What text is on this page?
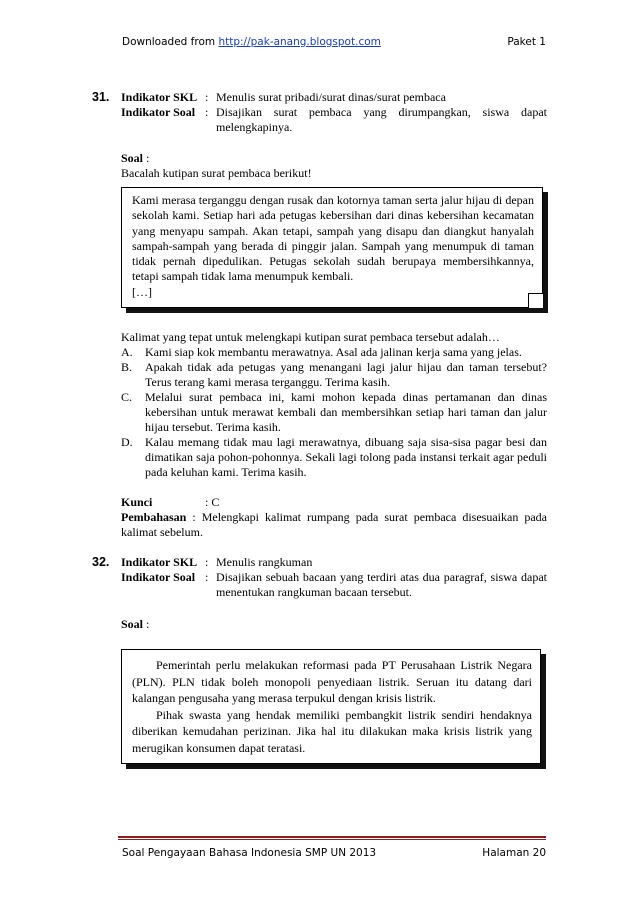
Downloaded from http://pak-anang.blogspot.com	Paket 1
31. Indikator SKL : Menulis surat pribadi/surat dinas/surat pembaca
Indikator Soal : Disajikan surat pembaca yang dirumpangkan, siswa dapat melengkapinya.
Soal :
Bacalah kutipan surat pembaca berikut!
Kami merasa terganggu dengan rusak dan kotornya taman serta jalur hijau di depan sekolah kami. Setiap hari ada petugas kebersihan dari dinas kebersihan kecamatan yang menyapu sampah. Akan tetapi, sampah yang disapu dan diangkut hanyalah sampah-sampah yang berada di pinggir jalan. Sampah yang menumpuk di taman tidak pernah dipedulikan. Petugas sekolah sudah berupaya membersihkannya, tetapi sampah tidak lama menumpuk kembali.
[…]
Kalimat yang tepat untuk melengkapi kutipan surat pembaca tersebut adalah…
A.	Kami siap kok membantu merawatnya. Asal ada jalinan kerja sama yang jelas.
B.	Apakah tidak ada petugas yang menangani lagi jalur hijau dan taman tersebut? Terus terang kami merasa terganggu. Terima kasih.
C.	Melalui surat pembaca ini, kami mohon kepada dinas pertamanan dan dinas kebersihan untuk merawat kembali dan membersihkan setiap hari taman dan jalur hijau tersebut. Terima kasih.
D.	Kalau memang tidak mau lagi merawatnya, dibuang saja sisa-sisa pagar besi dan dimatikan saja pohon-pohonnya. Sekali lagi tolong pada instansi terkait agar peduli pada keluhan kami. Terima kasih.
Kunci	: C
Pembahasan : Melengkapi kalimat rumpang pada surat pembaca disesuaikan pada kalimat sebelum.
32. Indikator SKL : Menulis rangkuman
Indikator Soal : Disajikan sebuah bacaan yang terdiri atas dua paragraf, siswa dapat menentukan rangkuman bacaan tersebut.
Soal :
Pemerintah perlu melakukan reformasi pada PT Perusahaan Listrik Negara (PLN). PLN tidak boleh monopoli penyediaan listrik. Seruan itu datang dari kalangan pengusaha yang merasa terpukul dengan krisis listrik.
Pihak swasta yang hendak memiliki pembangkit listrik sendiri hendaknya diberikan kemudahan perizinan. Jika hal itu dilakukan maka krisis listrik yang merugikan konsumen dapat teratasi.
Soal Pengayaan Bahasa Indonesia SMP UN 2013	Halaman 20
